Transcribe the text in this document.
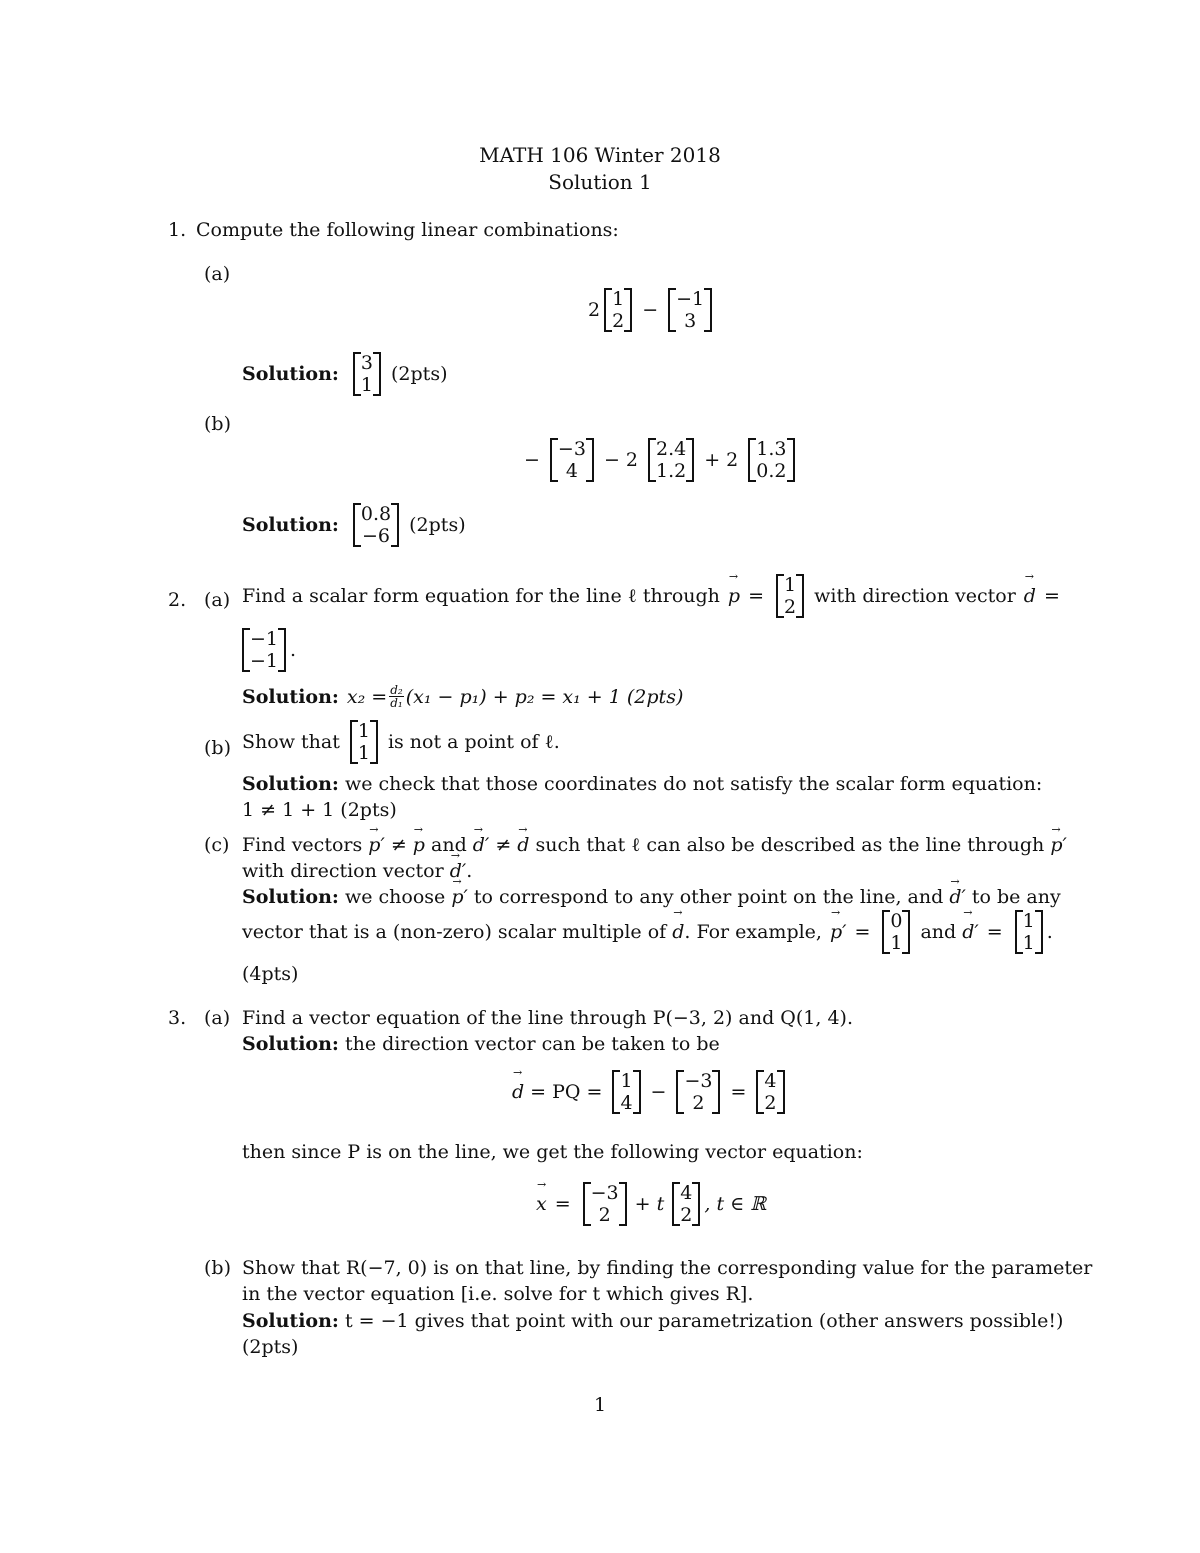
MATH 106 Winter 2018
Solution 1
1. Compute the following linear combinations:
(a)
2 1
2 − −1
3
Solution: 3
1 (2pts)
(b)
− −3
4	− 2 2.4
1.2 + 2 1.3
0.2
Solution: 0.8
−6 (2pts)
2. (a) Find a scalar form equation for the line ℓ through → p = 1
2 with direction vector → d =
−1
−1 .
Solution: $x_2 = \frac{\text{d₂}}{\text{d₁}} (x_1 - p_1) + p_2 = x_1 + 1$ (2pts)
(b) Show that 1
1
is not a point of ℓ.
Solution: we check that those coordinates do not satisfy the scalar form equation:
1 ≠ 1 + 1 (2pts)
(c) Find vectors → p′ ≠ → p and → d′ ≠ → d such that ℓ can also be described as the line through → p′
with direction vector → d′.
Solution: we choose → p′ to correspond to any other point on the line, and → d′ to be any
vector that is a (non-zero) scalar multiple of → d . For example, → p′ = 0
1 and → d′ = 1
1 .
(4pts)
3. (a) Find a vector equation of the line through P(−3, 2) and Q(1, 4).
Solution: the direction vector can be taken to be
→ d = PQ = 1
4 − −3
2	= 4
2
then since P is on the line, we get the following vector equation:
→ x = −3
2	+ t 4
2 , t ∈ ℝ
(b) Show that R(−7, 0) is on that line, by finding the corresponding value for the parameter
in the vector equation [i.e. solve for t which gives R].
Solution: t = −1 gives that point with our parametrization (other answers possible!)
(2pts)
1
